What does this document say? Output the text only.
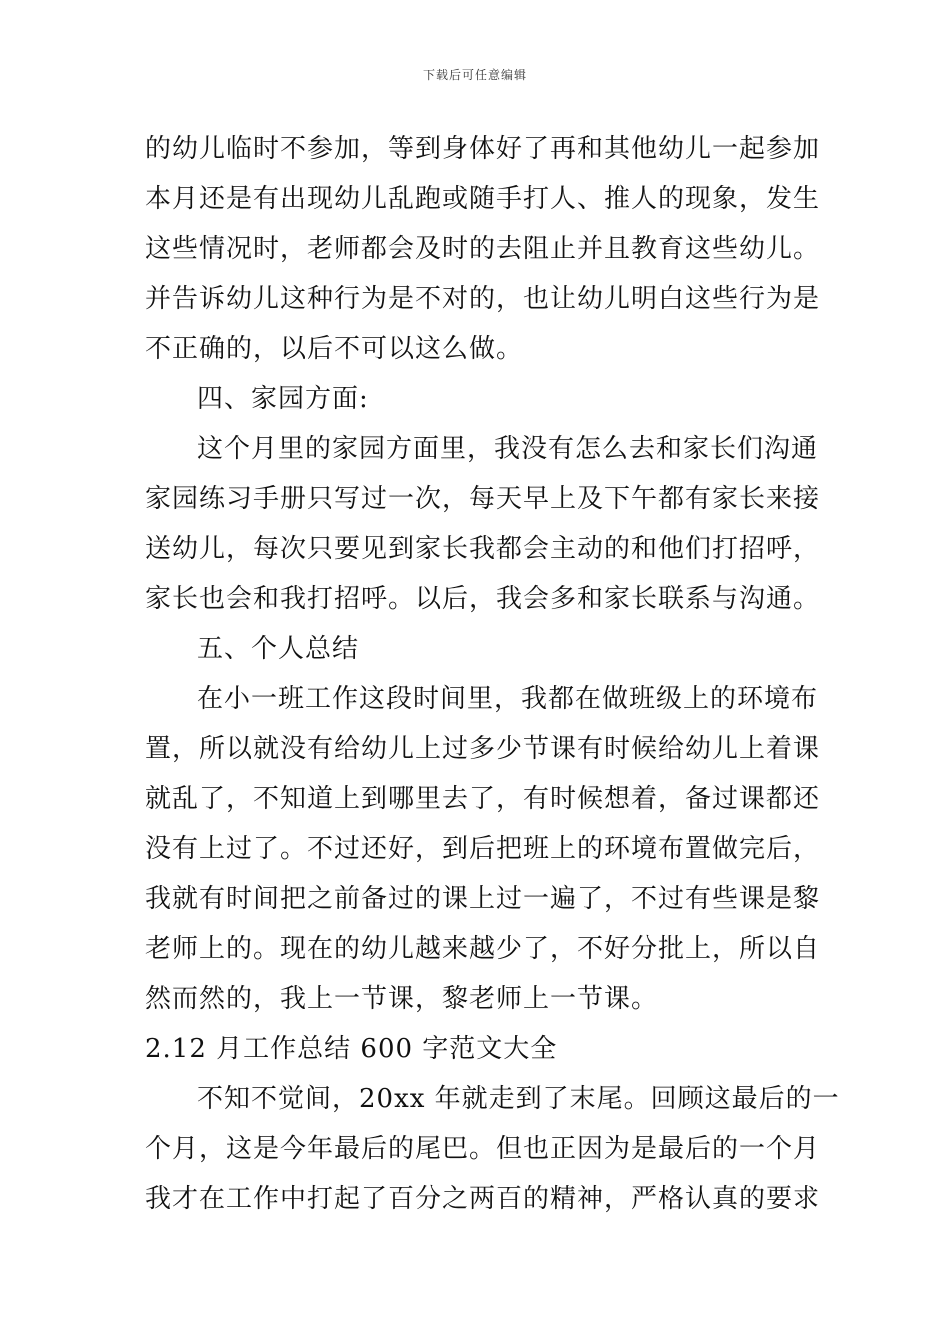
下载后可任意编辑
的幼儿临时不参加，等到身体好了再和其他幼儿一起参加
本月还是有出现幼儿乱跑或随手打人、推人的现象，发生
这些情况时，老师都会及时的去阻止并且教育这些幼儿。
并告诉幼儿这种行为是不对的，也让幼儿明白这些行为是
不正确的，以后不可以这么做。
四、家园方面:
这个月里的家园方面里，我没有怎么去和家长们沟通
家园练习手册只写过一次，每天早上及下午都有家长来接
送幼儿，每次只要见到家长我都会主动的和他们打招呼，
家长也会和我打招呼。以后，我会多和家长联系与沟通。
五、个人总结
在小一班工作这段时间里，我都在做班级上的环境布
置，所以就没有给幼儿上过多少节课有时候给幼儿上着课
就乱了，不知道上到哪里去了，有时候想着，备过课都还
没有上过了。不过还好，到后把班上的环境布置做完后，
我就有时间把之前备过的课上过一遍了，不过有些课是黎
老师上的。现在的幼儿越来越少了，不好分批上，所以自
然而然的，我上一节课，黎老师上一节课。
2.12 月工作总结 600 字范文大全
不知不觉间，20xx 年就走到了末尾。回顾这最后的一
个月，这是今年最后的尾巴。但也正因为是最后的一个月
我才在工作中打起了百分之两百的精神，严格认真的要求
